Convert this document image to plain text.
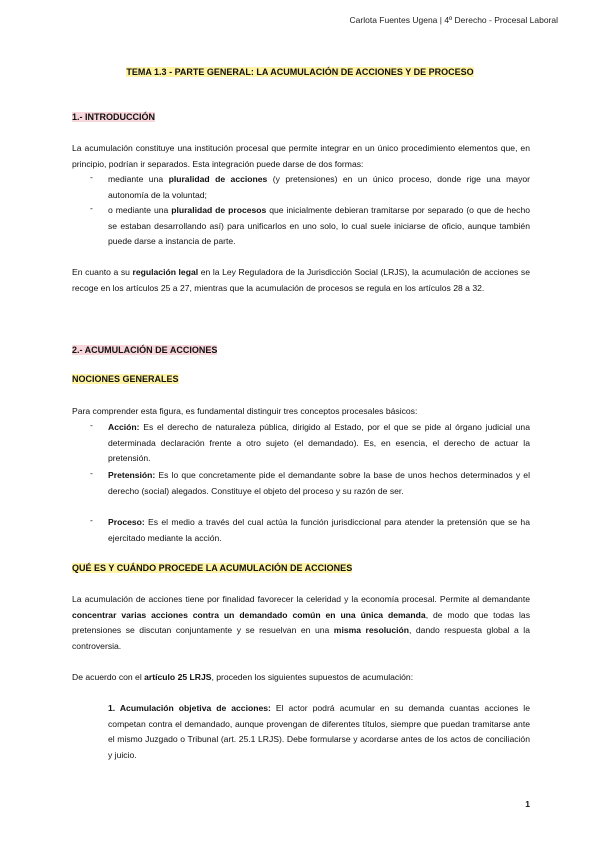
Carlota Fuentes Ugena | 4º Derecho - Procesal Laboral
TEMA 1.3 - PARTE GENERAL: LA ACUMULACIÓN DE ACCIONES Y DE PROCESO
1.- INTRODUCCIÓN
La acumulación constituye una institución procesal que permite integrar en un único procedimiento elementos que, en principio, podrían ir separados. Esta integración puede darse de dos formas:
- mediante una pluralidad de acciones (y pretensiones) en un único proceso, donde rige una mayor autonomía de la voluntad;
- o mediante una pluralidad de procesos que inicialmente debieran tramitarse por separado (o que de hecho se estaban desarrollando así) para unificarlos en uno solo, lo cual suele iniciarse de oficio, aunque también puede darse a instancia de parte.
En cuanto a su regulación legal en la Ley Reguladora de la Jurisdicción Social (LRJS), la acumulación de acciones se recoge en los artículos 25 a 27, mientras que la acumulación de procesos se regula en los artículos 28 a 32.
2.- ACUMULACIÓN DE ACCIONES
NOCIONES GENERALES
Para comprender esta figura, es fundamental distinguir tres conceptos procesales básicos:
- Acción: Es el derecho de naturaleza pública, dirigido al Estado, por el que se pide al órgano judicial una determinada declaración frente a otro sujeto (el demandado). Es, en esencia, el derecho de actuar la pretensión.
- Pretensión: Es lo que concretamente pide el demandante sobre la base de unos hechos determinados y el derecho (social) alegados. Constituye el objeto del proceso y su razón de ser.
- Proceso: Es el medio a través del cual actúa la función jurisdiccional para atender la pretensión que se ha ejercitado mediante la acción.
QUÉ ES Y CUÁNDO PROCEDE LA ACUMULACIÓN DE ACCIONES
La acumulación de acciones tiene por finalidad favorecer la celeridad y la economía procesal. Permite al demandante concentrar varias acciones contra un demandado común en una única demanda, de modo que todas las pretensiones se discutan conjuntamente y se resuelvan en una misma resolución, dando respuesta global a la controversia.
De acuerdo con el artículo 25 LRJS, proceden los siguientes supuestos de acumulación:
1. Acumulación objetiva de acciones: El actor podrá acumular en su demanda cuantas acciones le competan contra el demandado, aunque provengan de diferentes títulos, siempre que puedan tramitarse ante el mismo Juzgado o Tribunal (art. 25.1 LRJS). Debe formularse y acordarse antes de los actos de conciliación y juicio.
1
